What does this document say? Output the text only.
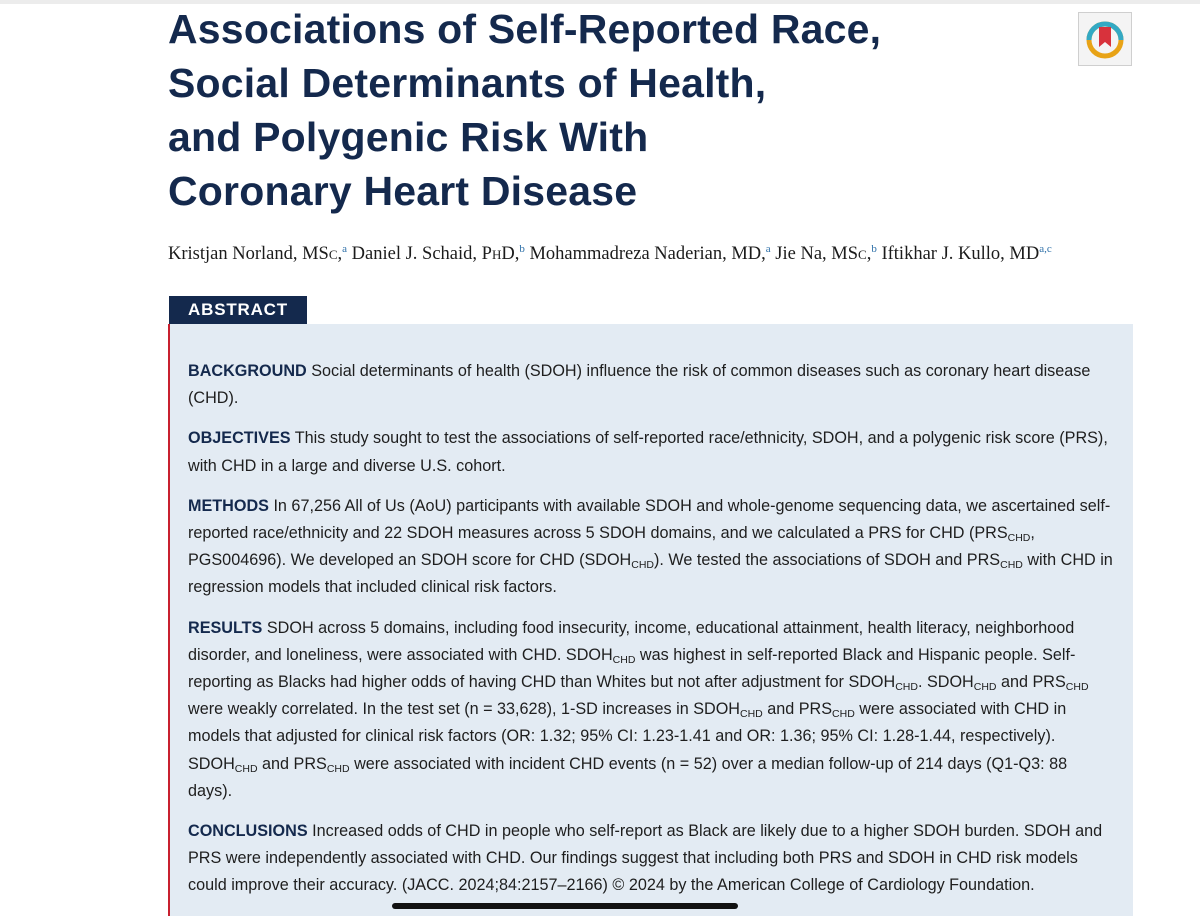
Associations of Self-Reported Race,
Social Determinants of Health,
and Polygenic Risk With
Coronary Heart Disease

Kristjan Norland, MSc,$^a$ Daniel J. Schaid, PhD,$^b$ Mohammadreza Naderian, MD,$^a$ Jie Na, MSc,$^b$ Iftikhar J. Kullo, MD$^{a,c}$

ABSTRACT

BACKGROUND Social determinants of health (SDOH) influence the risk of common diseases such as coronary heart disease (CHD).

OBJECTIVES This study sought to test the associations of self-reported race/ethnicity, SDOH, and a polygenic risk score (PRS), with CHD in a large and diverse U.S. cohort.

METHODS In 67,256 All of Us (AoU) participants with available SDOH and whole-genome sequencing data, we ascertained self-reported race/ethnicity and 22 SDOH measures across 5 SDOH domains, and we calculated a PRS for CHD ($PRS_{CHD}$, PGS004696). We developed an SDOH score for CHD $(SDOH_{CHD})$. We tested the associations of SDOH and $PRS_{CHD}$ with CHD in regression models that included clinical risk factors.

RESULTS SDOH across 5 domains, including food insecurity, income, educational attainment, health literacy, neighborhood disorder, and loneliness, were associated with CHD. $SDOH_{CHD}$ was highest in self-reported Black and Hispanic people. Self-reporting as Blacks had higher odds of having CHD than Whites but not after adjustment for $SDOH_{CHD}$. $SDOH_{CHD}$ and $PRS_{CHD}$ were weakly correlated. In the test set (n = 33,628), 1-SD increases in $SDOH_{CHD}$ and $PRS_{CHD}$ were associated with CHD in models that adjusted for clinical risk factors (OR: 1.32; 95% CI: 1.23-1.41 and OR: 1.36; 95% CI: 1.28-1.44, respectively). $SDOH_{CHD}$ and $PRS_{CHD}$ were associated with incident CHD events (n = 52) over a median follow-up of 214 days (Q1-Q3: 88 days).

CONCLUSIONS Increased odds of CHD in people who self-report as Black are likely due to a higher SDOH burden. SDOH and PRS were independently associated with CHD. Our findings suggest that including both PRS and SDOH in CHD risk models could improve their accuracy. (JACC. 2024;84:2157–2166) © 2024 by the American College of Cardiology Foundation.
